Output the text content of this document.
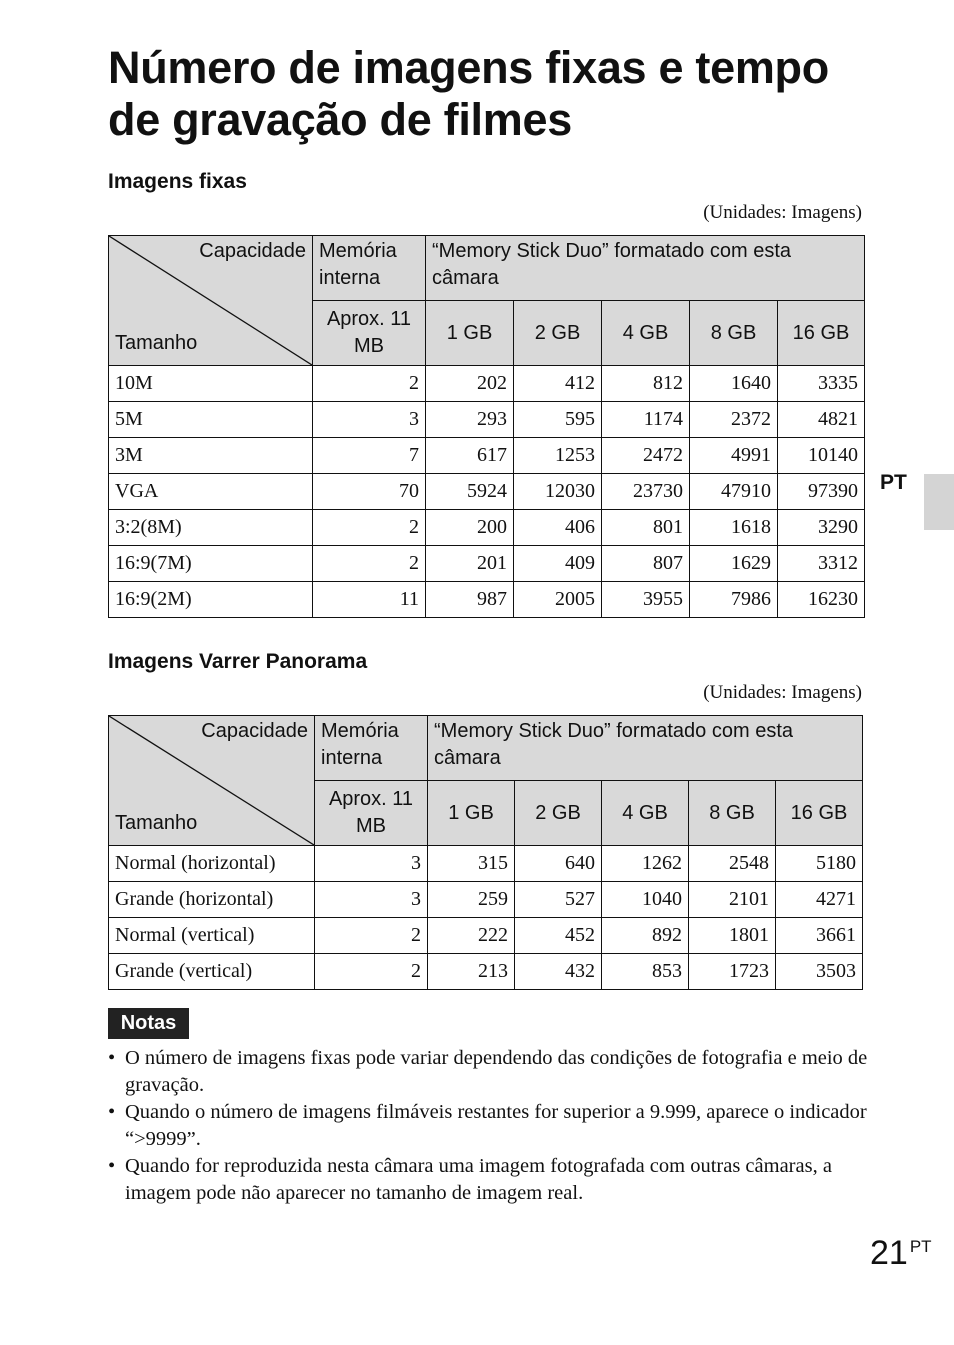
Número de imagens fixas e tempo
de gravação de filmes
Imagens fixas
(Unidades: Imagens)
Capacidade
Tamanho	Memória interna	“Memory Stick Duo” formatado com esta câmara				
	Aprox. 11 MB	1 GB	2 GB	4 GB	8 GB	16 GB
10M	2	202	412	812	1640	3335
5M	3	293	595	1174	2372	4821
3M	7	617	1253	2472	4991	10140
VGA	70	5924	12030	23730	47910	97390
3:2(8M)	2	200	406	801	1618	3290
16:9(7M)	2	201	409	807	1629	3312
16:9(2M)	11	987	2005	3955	7986	16230
Imagens Varrer Panorama
(Unidades: Imagens)
Capacidade
Tamanho	Memória interna	“Memory Stick Duo” formatado com esta câmara				
	Aprox. 11 MB	1 GB	2 GB	4 GB	8 GB	16 GB
Normal (horizontal)	3	315	640	1262	2548	5180
Grande (horizontal)	3	259	527	1040	2101	4271
Normal (vertical)	2	222	452	892	1801	3661
Grande (vertical)	2	213	432	853	1723	3503
Notas
• O número de imagens fixas pode variar dependendo das condições de fotografia e meio de gravação.
• Quando o número de imagens filmáveis restantes for superior a 9.999, aparece o indicador “>9999”.
• Quando for reproduzida nesta câmara uma imagem fotografada com outras câmaras, a imagem pode não aparecer no tamanho de imagem real.
PT
21 $^{PT}$
